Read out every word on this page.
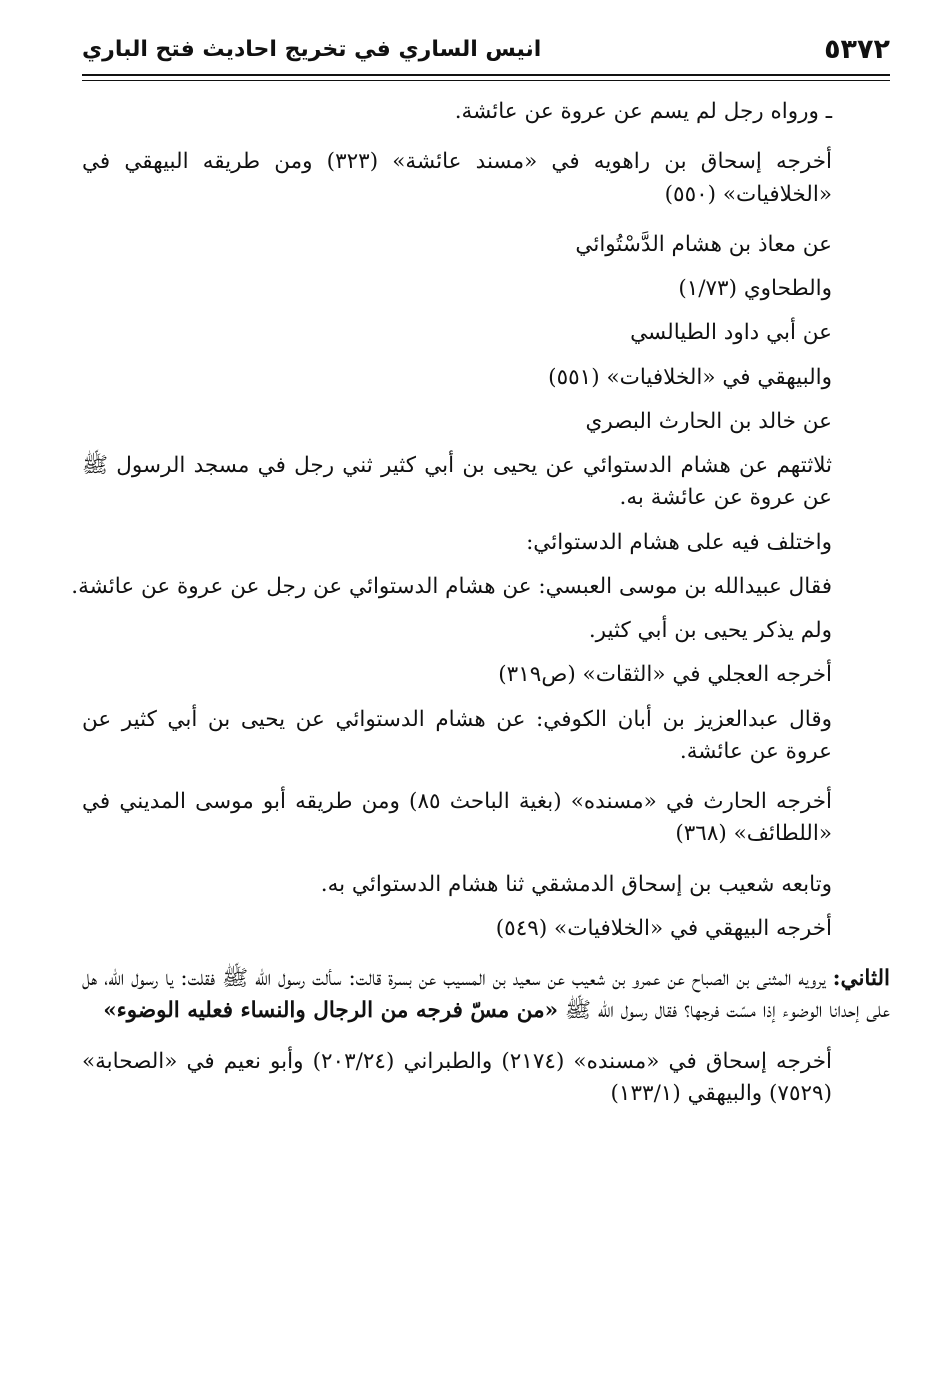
٥٣٧٢
انيس الساري في تخريج احاديث فتح الباري

ـ ورواه رجل لم يسم عن عروة عن عائشة.

أخرجه إسحاق بن راهويه في «مسند عائشة» (٣٢٣) ومن طريقه البيهقي في «الخلافيات» (٥٥٠)

عن معاذ بن هشام الدَّسْتُوائي

والطحاوي (١/٧٣)

عن أبي داود الطيالسي

والبيهقي في «الخلافيات» (٥٥١)

عن خالد بن الحارث البصري

ثلاثتهم عن هشام الدستوائي عن يحيى بن أبي كثير ثني رجل في مسجد الرسول ﷺ عن عروة عن عائشة به.

واختلف فيه على هشام الدستوائي:

فقال عبيدالله بن موسى العبسي: عن هشام الدستوائي عن رجل عن عروة عن عائشة.

ولم يذكر يحيى بن أبي كثير.

أخرجه العجلي في «الثقات» (ص٣١٩)

وقال عبدالعزيز بن أبان الكوفي: عن هشام الدستوائي عن يحيى بن أبي كثير عن عروة عن عائشة.

أخرجه الحارث في «مسنده» (بغية الباحث ٨٥) ومن طريقه أبو موسى المديني في «اللطائف» (٣٦٨)

وتابعه شعيب بن إسحاق الدمشقي ثنا هشام الدستوائي به.

أخرجه البيهقي في «الخلافيات» (٥٤٩)

الثاني: يرويه المثنى بن الصباح عن عمرو بن شعيب عن سعيد بن المسيب عن بسرة قالت: سألت رسول الله ﷺ فقلت: يا رسول الله، هل على إحدانا الوضوء إذا مسّت فرجها؟ فقال رسول الله ﷺ «من مسّ فرجه من الرجال والنساء فعليه الوضوء»

أخرجه إسحاق في «مسنده» (٢١٧٤) والطبراني (٢٠٣/٢٤) وأبو نعيم في «الصحابة» (٧٥٢٩) والبيهقي (١٣٣/١)
